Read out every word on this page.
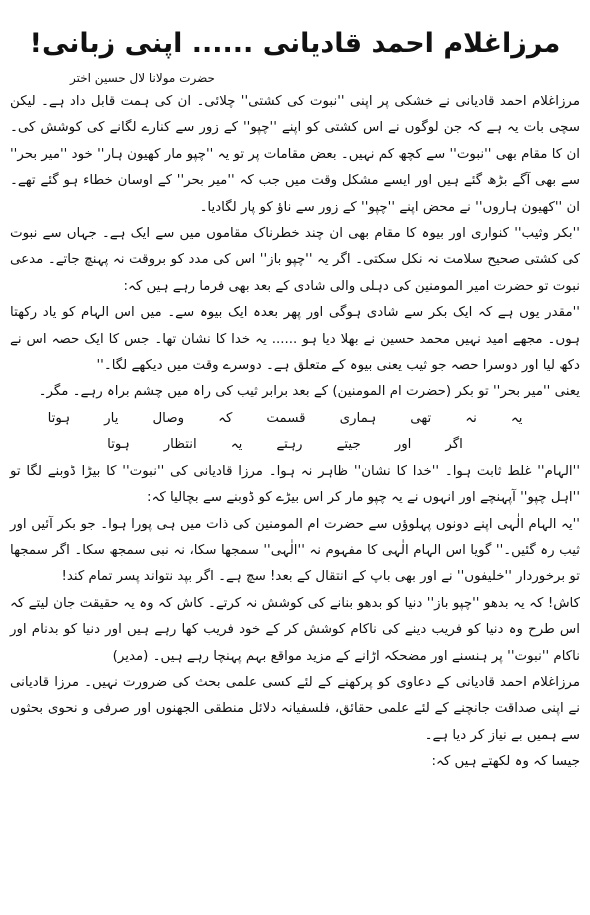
مرزاغلام احمد قادیانی ...... اپنی زبانی!
حضرت مولانا لال حسین اختر

مرزاغلام احمد قادیانی نے خشکی پر اپنی ''نبوت کی کشتی'' چلائی۔ ان کی ہمت قابل داد ہے۔ لیکن سچی بات یہ ہے کہ جن لوگوں نے اس کشتی کو اپنے ''چپو'' کے زور سے کنارے لگانے کی کوشش کی۔ ان کا مقام بھی ''نبوت'' سے کچھ کم نہیں۔ بعض مقامات پر تو یہ ''چپو مار کھیون ہار'' خود ''میر بحر'' سے بھی آگے بڑھ گئے ہیں اور ایسے مشکل وقت میں جب کہ ''میر بحر'' کے اوسان خطاء ہو گئے تھے۔ ان ''کھیون ہاروں'' نے محض اپنے ''چپو'' کے زور سے ناؤ کو پار لگادیا۔

''بکر وثیب'' کنواری اور بیوہ کا مقام بھی ان چند خطرناک مقاموں میں سے ایک ہے۔ جہاں سے نبوت کی کشتی صحیح سلامت نہ نکل سکتی۔ اگر یہ ''چپو باز'' اس کی مدد کو بروقت نہ پہنچ جاتے۔ مدعی نبوت تو حضرت امیر المومنین کی دہلی والی شادی کے بعد بھی فرما رہے ہیں کہ:

''مقدر یوں ہے کہ ایک بکر سے شادی ہوگی اور پھر بعدہ ایک بیوہ سے۔ میں اس الہام کو یاد رکھتا ہوں۔ مجھے امید نہیں محمد حسین نے بھلا دیا ہو ...... یہ خدا کا نشان تھا۔ جس کا ایک حصہ اس نے دکھ لیا اور دوسرا حصہ جو ثیب یعنی بیوہ کے متعلق ہے۔ دوسرے وقت میں دیکھے لگا۔''

یعنی ''میر بحر'' تو بکر (حضرت ام المومنین) کے بعد برابر ثیب کی راہ میں چشم براہ رہے۔ مگر۔

یہ
نہ
تھی
ہماری
قسمت
کہ
وصال
یار
ہوتا
اگر
اور
جیتے
رہتے
یہ
انتظار
ہوتا

''الہام'' غلط ثابت ہوا۔ ''خدا کا نشان'' ظاہر نہ ہوا۔ مرزا قادیانی کی ''نبوت'' کا بیڑا ڈوبنے لگا تو ''اہل چپو'' آپہنچے اور انہوں نے یہ چپو مار کر اس بیڑے کو ڈوبنے سے بچالیا کہ:

''یہ الہام الٰہی اپنے دونوں پہلوؤں سے حضرت ام المومنین کی ذات میں ہی پورا ہوا۔ جو بکر آئیں اور ثیب رہ گئیں۔'' گویا اس الہام الٰہی کا مفہوم نہ ''الٰہی'' سمجھا سکا، نہ نبی سمجھ سکا۔ اگر سمجھا تو برخوردار ''خلیفوں'' نے اور بھی باپ کے انتقال کے بعد! سچ ہے۔ اگر بپد نتواند پسر تمام کند!

کاش! کہ یہ بدھو ''چپو باز'' دنیا کو بدھو بنانے کی کوشش نہ کرتے۔ کاش کہ وہ یہ حقیقت جان لیتے کہ اس طرح وہ دنیا کو فریب دینے کی ناکام کوشش کر کے خود فریب کھا رہے ہیں اور دنیا کو بدنام اور ناکام ''نبوت'' پر ہنسنے اور مضحکہ اڑانے کے مزید مواقع بہم پہنچا رہے ہیں۔ (مدیر)

مرزاغلام احمد قادیانی کے دعاوی کو پرکھنے کے لئے کسی علمی بحث کی ضرورت نہیں۔ مرزا قادیانی نے اپنی صداقت جانچنے کے لئے علمی حقائق، فلسفیانہ دلائل منطقی الجھنوں اور صرفی و نحوی بحثوں سے ہمیں بے نیاز کر دیا ہے۔

جیسا کہ وہ لکھتے ہیں کہ:
